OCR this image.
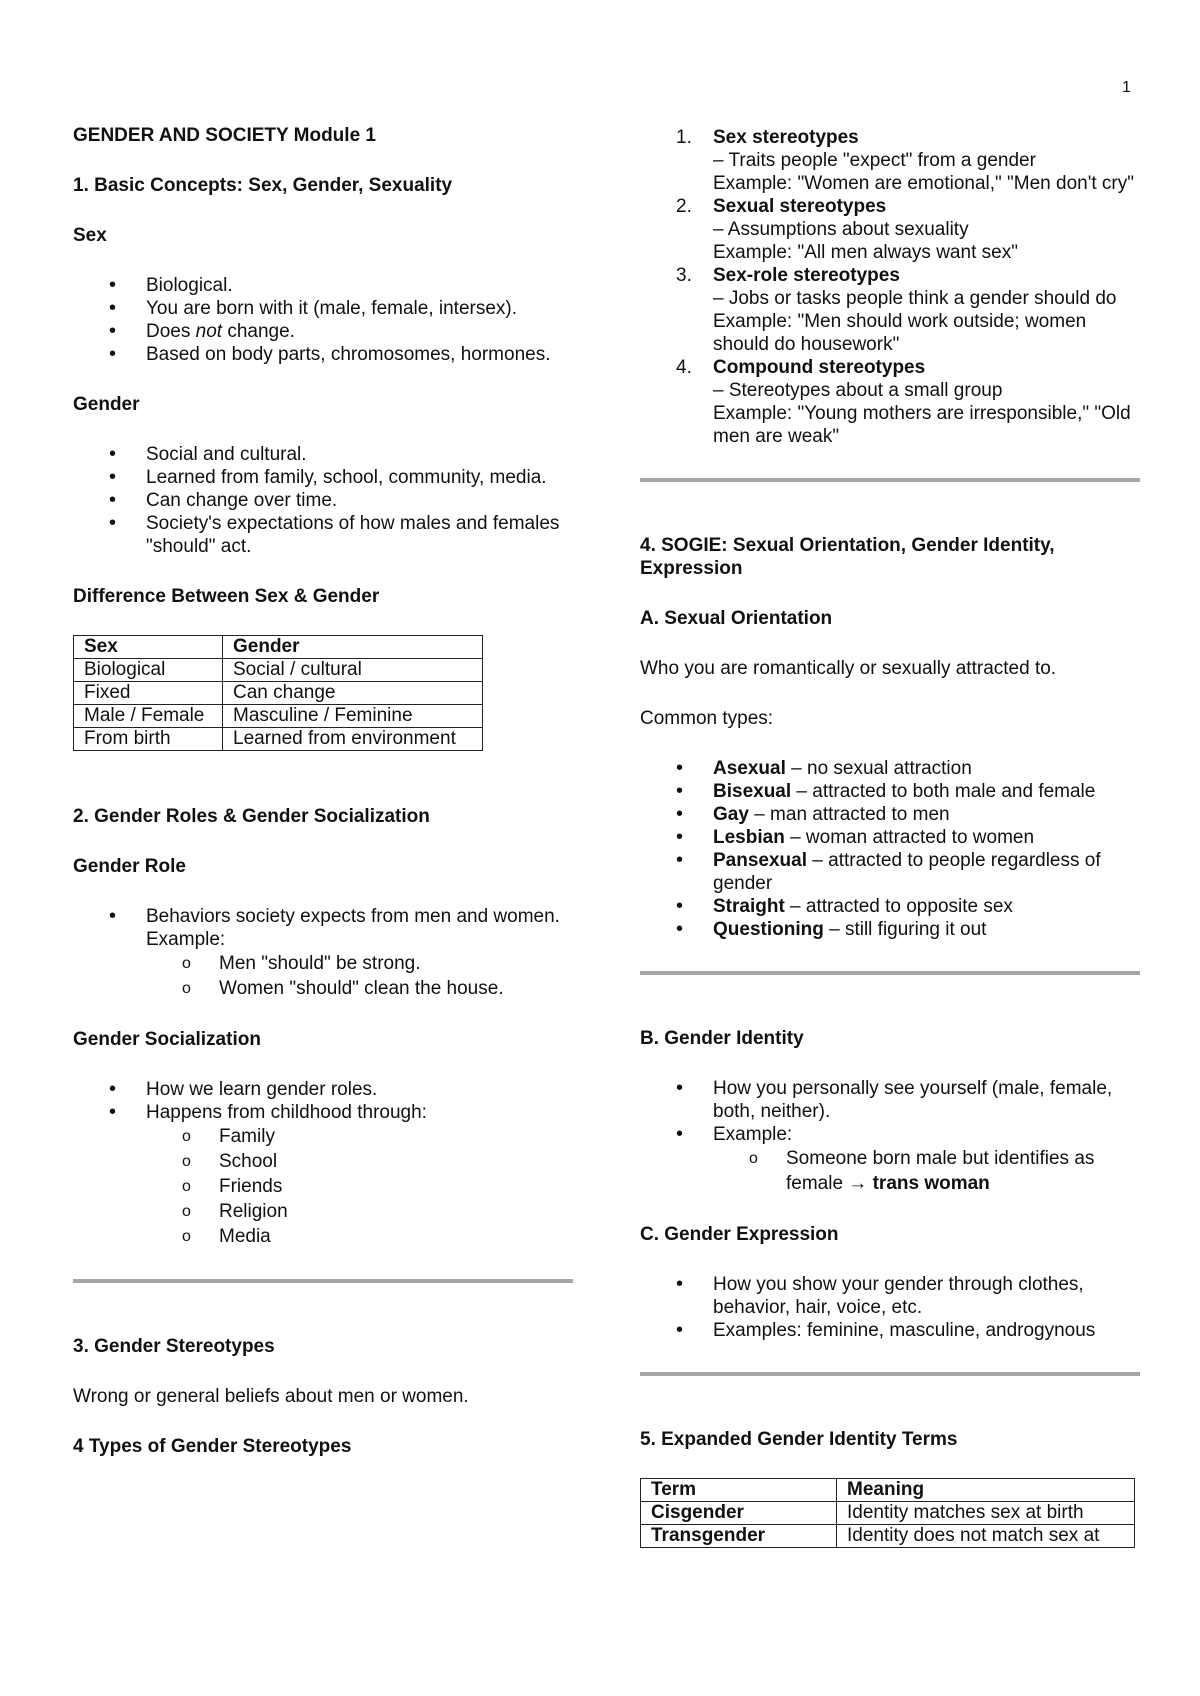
1
GENDER AND SOCIETY Module 1
1. Basic Concepts: Sex, Gender, Sexuality
Sex
• Biological.
• You are born with it (male, female, intersex).
• Does not change.
• Based on body parts, chromosomes, hormones.
Gender
• Social and cultural.
• Learned from family, school, community, media.
• Can change over time.
• Society's expectations of how males and females "should" act.
Difference Between Sex & Gender
Sex	Gender
Biological	Social / cultural
Fixed	Can change
Male / Female	Masculine / Feminine
From birth	Learned from environment
2. Gender Roles & Gender Socialization
Gender Role
• Behaviors society expects from men and women.
Example:
o Men "should" be strong.
o Women "should" clean the house.
Gender Socialization
• How we learn gender roles.
• Happens from childhood through:
o Family
o School
o Friends
o Religion
o Media
3. Gender Stereotypes

Wrong or general beliefs about men or women.

4 Types of Gender Stereotypes
1. Sex stereotypes
– Traits people "expect" from a gender
Example: "Women are emotional," "Men don't cry"
2. Sexual stereotypes
– Assumptions about sexuality
Example: "All men always want sex"
3. Sex-role stereotypes
– Jobs or tasks people think a gender should do
Example: "Men should work outside; women should do housework"
4. Compound stereotypes
– Stereotypes about a small group
Example: "Young mothers are irresponsible," "Old men are weak"
4. SOGIE: Sexual Orientation, Gender Identity, Expression
A. Sexual Orientation

Who you are romantically or sexually attracted to.

Common types:

• Asexual – no sexual attraction
• Bisexual – attracted to both male and female
• Gay – man attracted to men
• Lesbian – woman attracted to women
• Pansexual – attracted to people regardless of gender
• Straight – attracted to opposite sex
• Questioning – still figuring it out
B. Gender Identity
• How you personally see yourself (male, female, both, neither).
• Example:
o Someone born male but identifies as female → trans woman
C. Gender Expression
• How you show your gender through clothes, behavior, hair, voice, etc.
• Examples: feminine, masculine, androgynous
5. Expanded Gender Identity Terms
Term	Meaning
Cisgender	Identity matches sex at birth
Transgender	Identity does not match sex at
